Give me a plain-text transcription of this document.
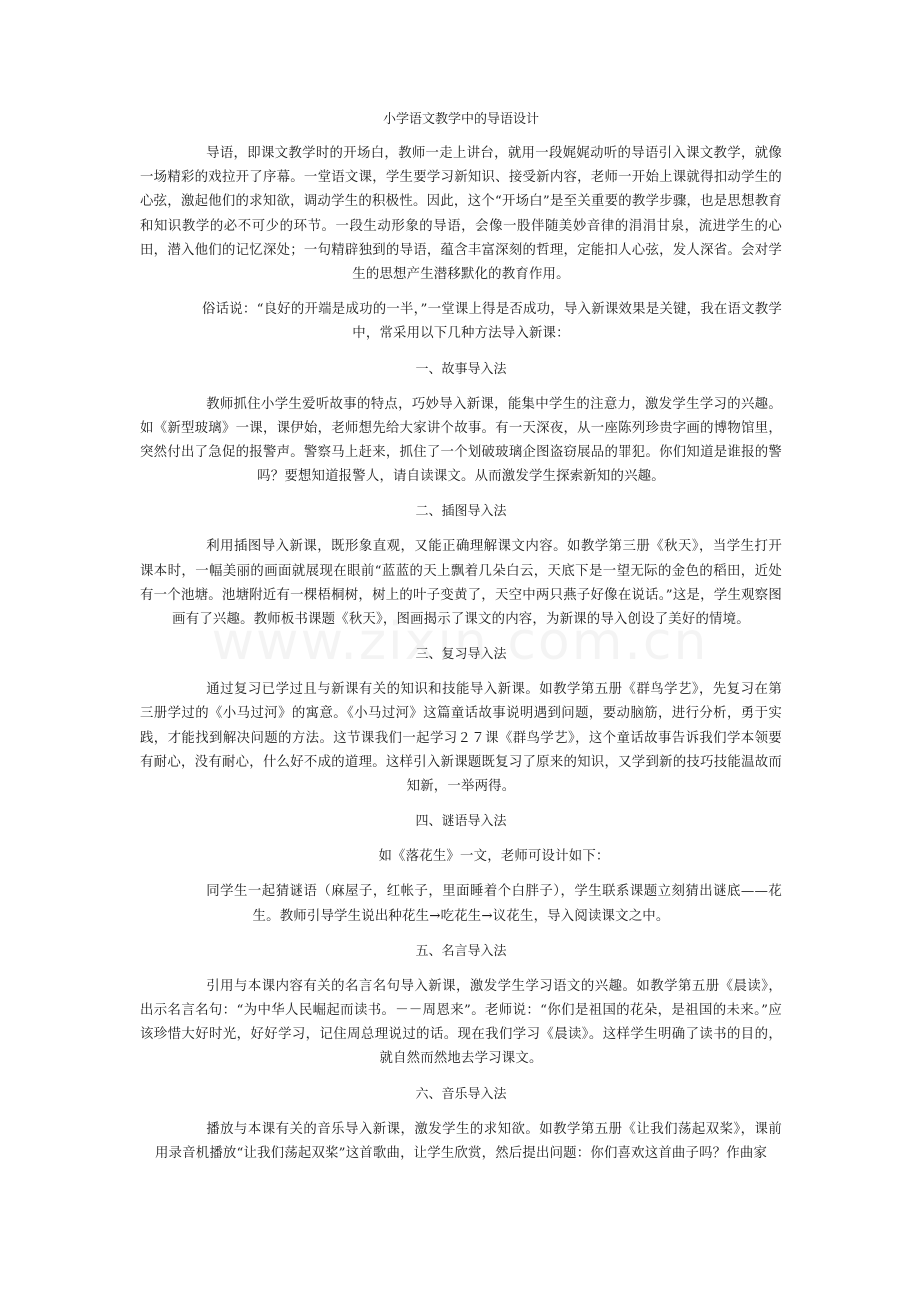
小学语文教学中的导语设计

导语，即课文教学时的开场白，教师一走上讲台，就用一段娓娓动听的导语引入课文教学，就像一场精彩的戏拉开了序幕。一堂语文课，学生要学习新知识、接受新内容，老师一开始上课就得扣动学生的心弦，激起他们的求知欲，调动学生的积极性。因此，这个“开场白”是至关重要的教学步骤，也是思想教育和知识教学的必不可少的环节。一段生动形象的导语，会像一股伴随美妙音律的涓涓甘泉，流进学生的心田，潜入他们的记忆深处；一句精辟独到的导语，蕴含丰富深刻的哲理，定能扣人心弦，发人深省。会对学生的思想产生潜移默化的教育作用。

俗话说：“良好的开端是成功的一半，”一堂课上得是否成功，导入新课效果是关键，我在语文教学中，常采用以下几种方法导入新课：

一、故事导入法

教师抓住小学生爱听故事的特点，巧妙导入新课，能集中学生的注意力，激发学生学习的兴趣。如《新型玻璃》一课，课伊始，老师想先给大家讲个故事。有一天深夜，从一座陈列珍贵字画的博物馆里，突然付出了急促的报警声。警察马上赶来，抓住了一个划破玻璃企图盗窃展品的罪犯。你们知道是谁报的警吗？要想知道报警人，请自读课文。从而激发学生探索新知的兴趣。

二、插图导入法

利用插图导入新课，既形象直观，又能正确理解课文内容。如教学第三册《秋天》，当学生打开课本时，一幅美丽的画面就展现在眼前“蓝蓝的天上飘着几朵白云，天底下是一望无际的金色的稻田，近处有一个池塘。池塘附近有一棵梧桐树，树上的叶子变黄了，天空中两只燕子好像在说话。”这是，学生观察图画有了兴趣。教师板书课题《秋天》，图画揭示了课文的内容，为新课的导入创设了美好的情境。

三、复习导入法

通过复习已学过且与新课有关的知识和技能导入新课。如教学第五册《群鸟学艺》，先复习在第三册学过的《小马过河》的寓意。《小马过河》这篇童话故事说明遇到问题，要动脑筋，进行分析，勇于实践，才能找到解决问题的方法。这节课我们一起学习２７课《群鸟学艺》，这个童话故事告诉我们学本领要有耐心，没有耐心，什么好不成的道理。这样引入新课题既复习了原来的知识，又学到新的技巧技能温故而知新，一举两得。

四、谜语导入法

如《落花生》一文，老师可设计如下：

同学生一起猜谜语（麻屋子，红帐子，里面睡着个白胖子），学生联系课题立刻猜出谜底——花生。教师引导学生说出种花生→吃花生→议花生，导入阅读课文之中。

五、名言导入法

引用与本课内容有关的名言名句导入新课，激发学生学习语文的兴趣。如教学第五册《晨读》，出示名言名句：“为中华人民崛起而读书。－－周恩来”。老师说：“你们是祖国的花朵，是祖国的未来。”应该珍惜大好时光，好好学习，记住周总理说过的话。现在我们学习《晨读》。这样学生明确了读书的目的，就自然而然地去学习课文。

六、音乐导入法

播放与本课有关的音乐导入新课，激发学生的求知欲。如教学第五册《让我们荡起双桨》，课前用录音机播放“让我们荡起双桨”这首歌曲，让学生欣赏，然后提出问题：你们喜欢这首曲子吗？作曲家
